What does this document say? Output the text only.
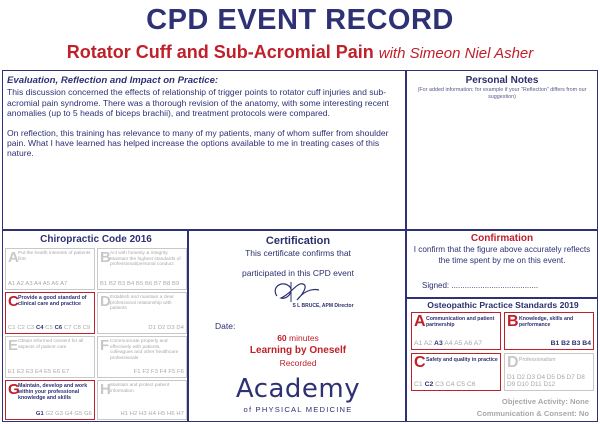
CPD EVENT RECORD
Rotator Cuff and Sub-Acromial Pain with Simeon Niel Asher
Evaluation, Reflection and Impact on Practice:

This discussion concerned the effects of relationship of trigger points to rotator cuff injuries and sub-acromial pain syndrome. There was a thorough revision of the anatomy, with some interesting recent anomalies (up to 5 heads of biceps brachii), and treatment protocols were compared.

On reflection, this training has relevance to many of my patients, many of whom suffer from shoulder pain. What I have learned has helped increase the options available to me in treating cases of this nature.

Personal Notes
(For added information; for example if your "Reflection" differs from our suggestion)
Chiropractic Code 2016
A Put the health interests of patients first
A1 A2 A3 A4 A5 A6 A7
B Act with honesty & integrity. Maintain the highest standards of professional/personal conduct
B1 B2 B3 B4 B5 B6 B7 B8 B9
C Provide a good standard of clinical care and practice
C1 C2 C3 C4 C5 C6 C7 C8 C9
D Establish and maintain a clear professional relationship with patients
D1 D2 D3 D4
E Obtain informed consent for all aspects of patient care
E1 E2 E3 E4 E5 E6 E7
F Communicate properly and effectively with patients, colleagues and other healthcare professionals
F1 F2 F3 F4 F5 F6
G
Maintain, develop and work within your professional knowledge and skills
G1 G2 G3 G4 G5 G6
H Maintain and protect patient information
H1 H2 H3 H4 H5 H6 H7
Certification
This certificate confirms that
participated in this CPD event
S L BRUCE, APM Director
Date:
60 minutes
Learning by Oneself
Recorded
Academy
of PHYSICAL MEDICINE
Confirmation
I confirm that the figure above accurately reflects the time spent by me on this event.
Signed: .......................................
Osteopathic Practice Standards 2019
A Communication and patient partnership
A1 A2 A3 A4 A5 A6 A7
B Knowledge, skills and performance
B1 B2 B3 B4
C Safety and quality in practice
C1 C2 C3 C4 C5 C6
D Professionalism
D1 D2 D3 D4 D5 D6 D7 D8 D9 D10 D11 D12
Objective Activity: None
Communication & Consent: No
